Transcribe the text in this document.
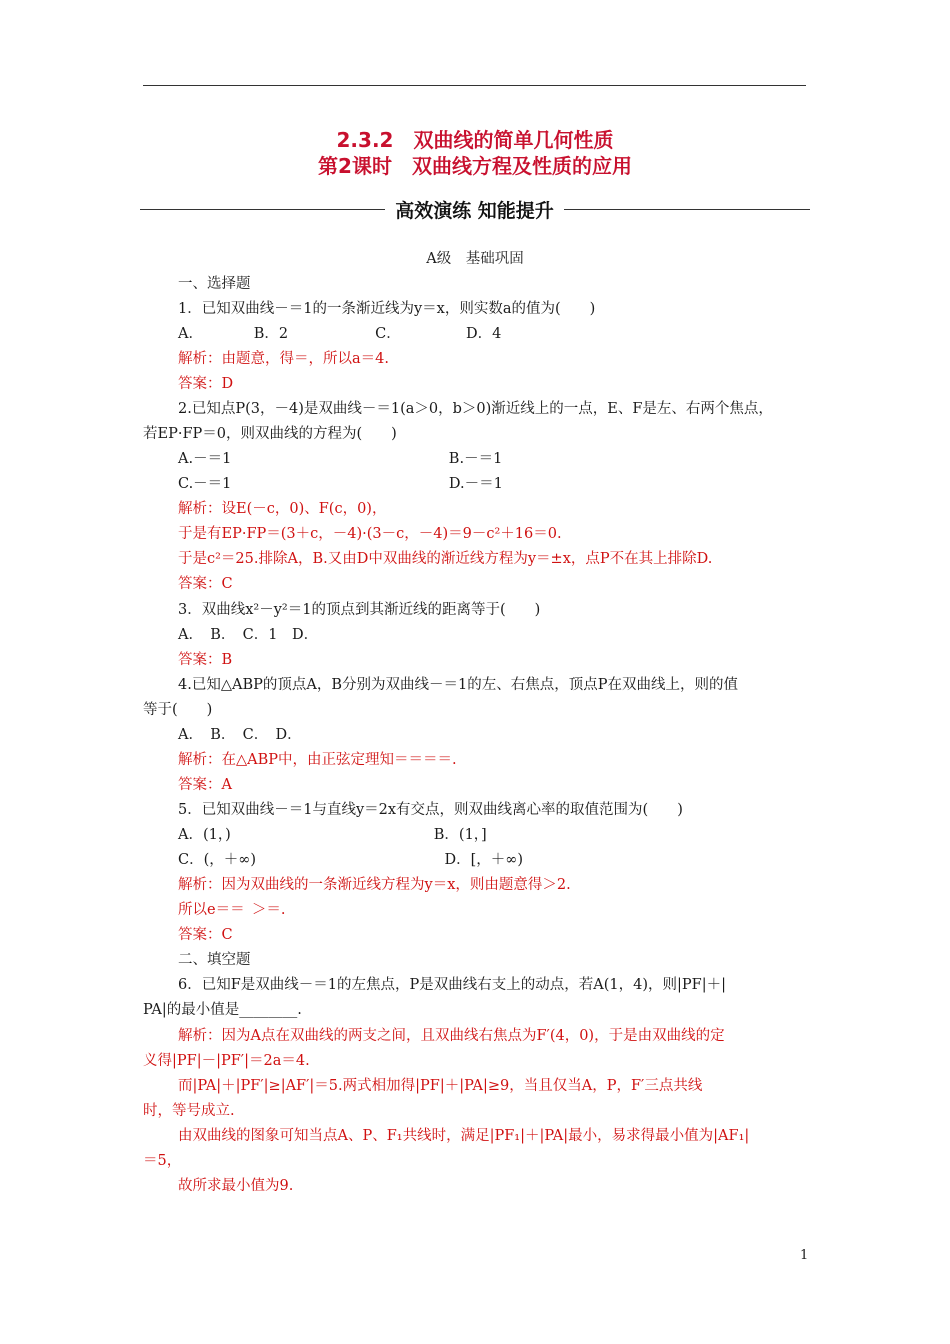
2.3.2　双曲线的简单几何性质
第2课时　双曲线方程及性质的应用
高效演练 知能提升
A级　基础巩固
一、选择题
1．已知双曲线－＝1的一条渐近线为y＝x，则实数a的值为(　　)
A．　　　　B．2　　　　　　C．　　　　　D．4
解析：由题意，得＝，所以a＝4.
答案：D
2.已知点P(3，－4)是双曲线－＝1(a＞0，b＞0)渐近线上的一点，E、F是左、右两个焦点，
若EP·FP＝0，则双曲线的方程为(　　)
A.－＝1　　　　　　　　　　　　　　　B.－＝1
C.－＝1　　　　　　　　　　　　　　　D.－＝1
解析：设E(－c，0)、F(c，0)，
于是有EP·FP＝(3＋c，－4)·(3－c，－4)＝9－c²＋16＝0.
于是c²＝25.排除A，B.又由D中双曲线的渐近线方程为y＝±x，点P不在其上排除D.
答案：C
3．双曲线x²－y²＝1的顶点到其渐近线的距离等于(　　)
A．　B．　C．1　D．
答案：B
4.已知△ABP的顶点A，B分别为双曲线－＝1的左、右焦点，顶点P在双曲线上，则的值
等于(　　)
A．　B．　C．　D．
解析：在△ABP中，由正弦定理知＝＝＝＝.
答案：A
5．已知双曲线－＝1与直线y＝2x有交点，则双曲线离心率的取值范围为(　　)
A．(1，)　　　　　　　　　　　　　　B．(1，]
C．(，＋∞)　　　　　　　　　　　　　D．[，＋∞)
解析：因为双曲线的一条渐近线方程为y＝x，则由题意得＞2.
所以e＝＝ ＞＝.
答案：C
二、填空题
6．已知F是双曲线－＝1的左焦点，P是双曲线右支上的动点，若A(1，4)，则|PF|＋|
PA|的最小值是________.
解析：因为A点在双曲线的两支之间，且双曲线右焦点为F′(4，0)，于是由双曲线的定
义得|PF|－|PF′|＝2a＝4.
而|PA|＋|PF′|≥|AF′|＝5.两式相加得|PF|＋|PA|≥9，当且仅当A，P，F′三点共线
时，等号成立.
由双曲线的图象可知当点A、P、F₁共线时，满足|PF₁|＋|PA|最小，易求得最小值为|AF₁|
＝5，
故所求最小值为9.
1
